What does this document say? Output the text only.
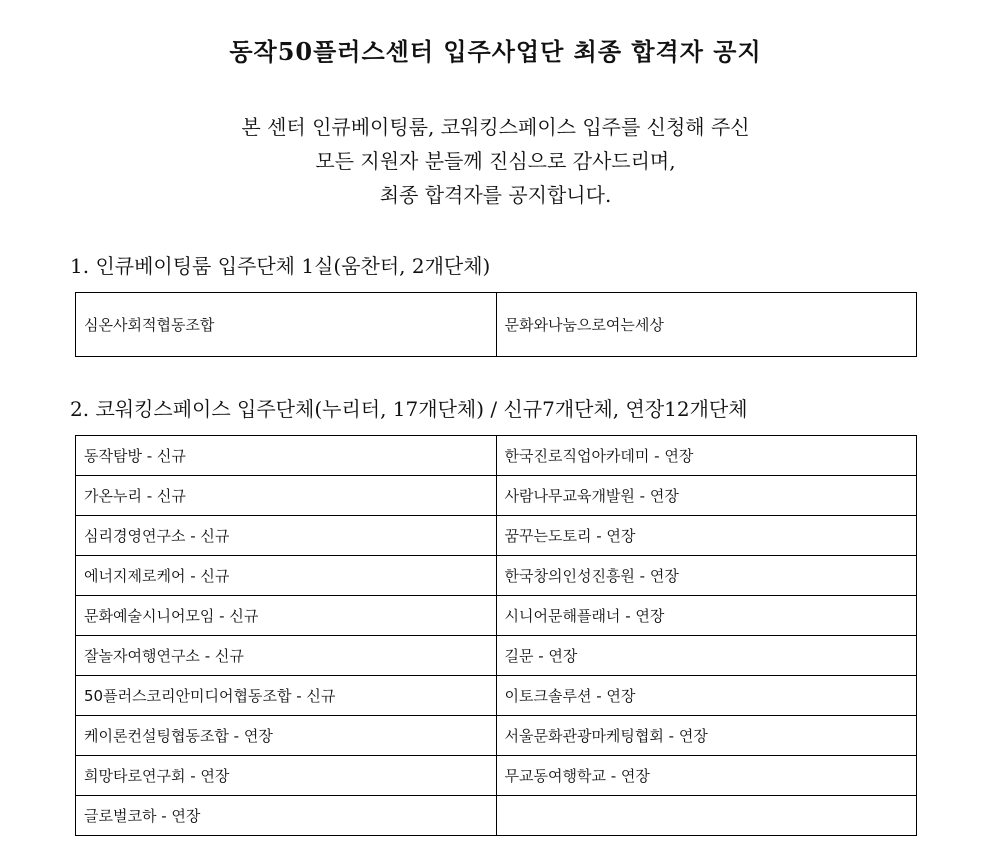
동작50플러스센터 입주사업단 최종 합격자 공지
본 센터 인큐베이팅룸, 코워킹스페이스 입주를 신청해 주신
모든 지원자 분들께 진심으로 감사드리며,
최종 합격자를 공지합니다.
1. 인큐베이팅룸 입주단체 1실(움찬터, 2개단체)
심온사회적협동조합	문화와나눔으로여는세상
2. 코워킹스페이스 입주단체(누리터, 17개단체) / 신규7개단체, 연장12개단체
동작탐방 - 신규	한국진로직업아카데미 - 연장
가온누리 - 신규	사람나무교육개발원 - 연장
심리경영연구소 - 신규	꿈꾸는도토리 - 연장
에너지제로케어 - 신규	한국창의인성진흥원 - 연장
문화예술시니어모임 - 신규	시니어문해플래너 - 연장
잘놀자여행연구소 - 신규	길문 - 연장
50플러스코리안미디어협동조합 - 신규	이토크솔루션 - 연장
케이론컨설팅협동조합 - 연장	서울문화관광마케팅협회 - 연장
희망타로연구회 - 연장	무교동여행학교 - 연장
글로벌코하 - 연장	
